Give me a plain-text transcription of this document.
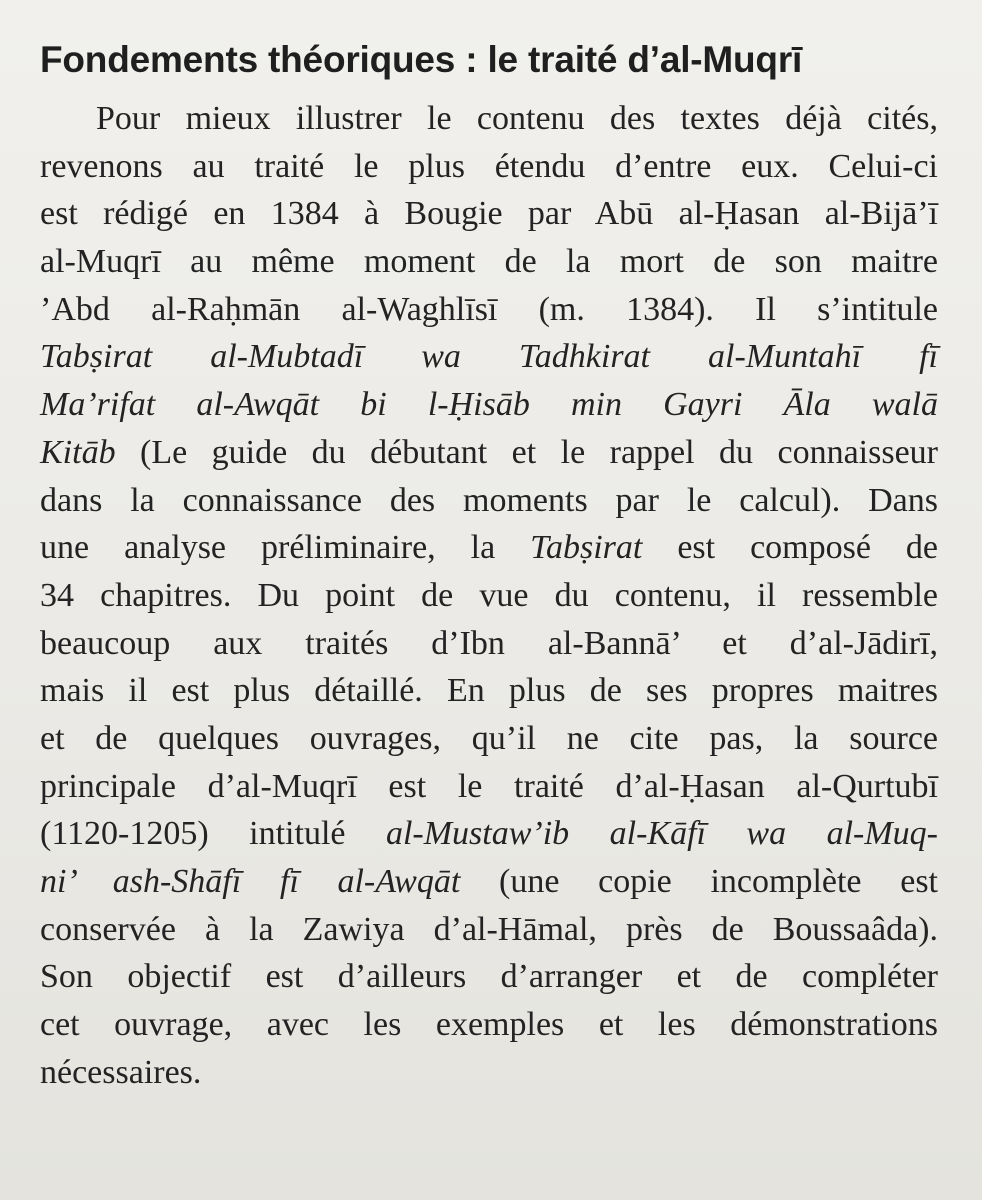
Fondements théoriques : le traité d’al-Muqrī
Pour mieux illustrer le contenu des textes déjà cités,
revenons au traité le plus étendu d’entre eux. Celui-ci
est rédigé en 1384 à Bougie par Abū al-Ḥasan al-Bijā’ī
al-Muqrī au même moment de la mort de son maitre
’Abd al-Raḥmān al-Waghlīsī (m. 1384). Il s’intitule
Tabṣirat al-Mubtadī wa Tadhkirat al-Muntahī fī
Ma’rifat al-Awqāt bi l-Ḥisāb min Gayri Āla walā
Kitāb (Le guide du débutant et le rappel du connaisseur
dans la connaissance des moments par le calcul). Dans
une analyse préliminaire, la Tabṣirat est composé de
34 chapitres. Du point de vue du contenu, il ressemble
beaucoup aux traités d’Ibn al-Bannā’ et d’al-Jādirī,
mais il est plus détaillé. En plus de ses propres maitres
et de quelques ouvrages, qu’il ne cite pas, la source
principale d’al-Muqrī est le traité d’al-Ḥasan al-Qurtubī
(1120-1205) intitulé al-Mustaw’ib al-Kāfī wa al-Muq-
ni’ ash-Shāfī fī al-Awqāt (une copie incomplète est
conservée à la Zawiya d’al-Hāmal, près de Boussaâda).
Son objectif est d’ailleurs d’arranger et de compléter
cet ouvrage, avec les exemples et les démonstrations
nécessaires.
